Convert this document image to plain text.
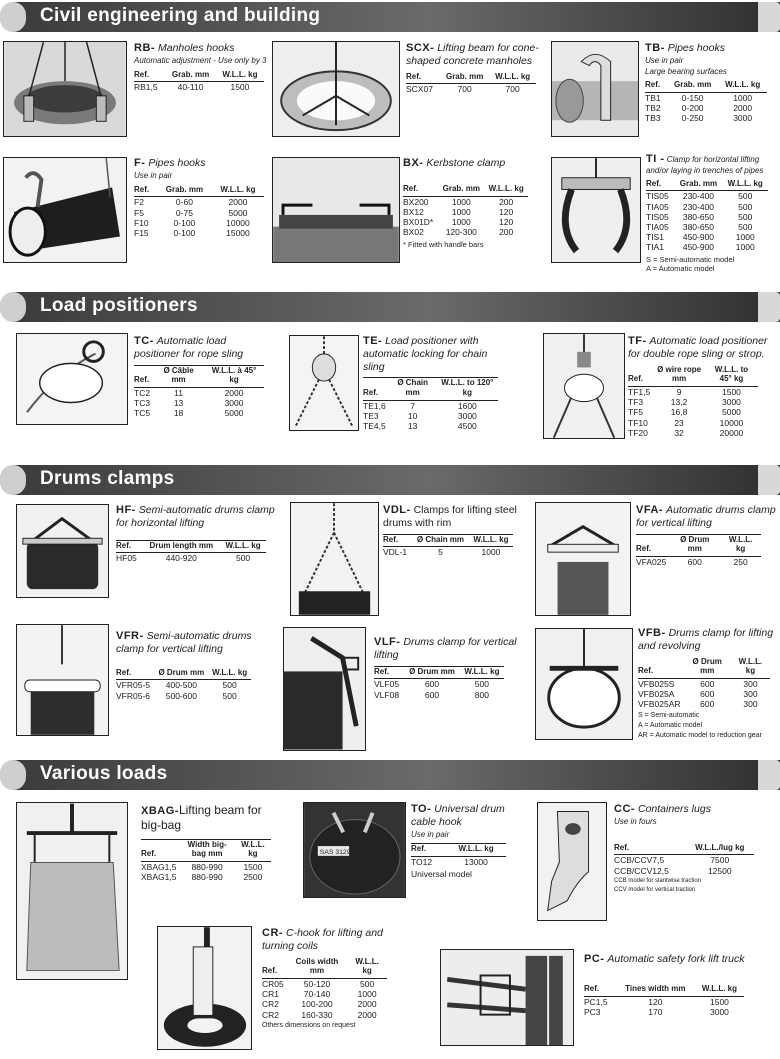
Civil engineering and building
Load positioners
Drums clamps
Various loads
SAS 3129
RB- Manholes hooks
Automatic adjustment - Use only by 3
Ref.	Grab. mm	W.L.L. kg
RB1,5	40-110	1500
SCX- Lifting beam for cone-shaped concrete manholes
Ref.	Grab. mm	W.L.L. kg
SCX07	700	700
TB- Pipes hooks
Use in pair
Large bearing surfaces
Ref.	Grab. mm	W.L.L. kg
TB1	0-150	1000
TB2	0-200	2000
TB3	0-250	3000
F- Pipes hooks
Use in pair
Ref.	Grab. mm	W.L.L. kg
F2	0-60	2000
F5	0-75	5000
F10	0-100	10000
F15	0-100	15000
BX- Kerbstone clamp
Ref.	Grab. mm	W.L.L. kg
BX200	1000	200
BX12	1000	120
BX01D*	1000	120
BX02	120-300	200
* Fitted with handle bars
TI - Clamp for horizontal lifting and/or laying in trenches of pipes
Ref.	Grab. mm	W.L.L. kg
TIS05	230-400	500
TIA05	230-400	500
TIS05	380-650	500
TIA05	380-650	500
TIS1	450-900	1000
TIA1	450-900	1000
S = Semi-automatic model
A = Automatic model
TC- Automatic load positioner for rope sling
Ref.	Ø Câble mm	W.L.L. à 45° kg
TC2	11	2000
TC3	13	3000
TC5	18	5000
TE- Load positioner with automatic locking for chain sling
Ref.	Ø Chain mm	W.L.L. to 120° kg
TE1,6	7	1600
TE3	10	3000
TE4,5	13	4500
TF- Automatic load positioner for double rope sling or strop.
Ref.	Ø wire rope mm	W.L.L. to 45° kg
TF1,5	9	1500
TF3	13,2	3000
TF5	16,8	5000
TF10	23	10000
TF20	32	20000
HF- Semi-automatic drums clamp for horizontal lifting
Ref.	Drum length mm	W.L.L. kg
HF05	440-920	500
VDL- Clamps for lifting steel drums with rim
Ref.	Ø Chain mm	W.L.L. kg
VDL-1	5	1000
VFA- Automatic drums clamp for vertical lifting
Ref.	Ø Drum mm	W.L.L. kg
VFA025	600	250
VFR- Semi-automatic drums clamp for vertical lifting
Ref.	Ø Drum mm	W.L.L. kg
VFR05-5	400-500	500
VFR05-6	500-600	500
VLF- Drums clamp for vertical lifting
Ref.	Ø Drum mm	W.L.L. kg
VLF05	600	500
VLF08	600	800
VFB- Drums clamp for lifting and revolving
Ref.	Ø Drum mm	W.L.L. kg
VFB025S	600	300
VFB025A	600	300
VFB025AR	600	300
S = Semi-automatic
A = Automatic model
AR = Automatic model to reduction gear
XBAG-Lifting beam for big-bag
Ref.	Width big-bag mm	W.L.L. kg
XBAG1,5	880-990	1500
XBAG1,5	880-990	2500
TO- Universal drum cable hook
Use in pair
Ref.	W.L.L. kg
TO12	13000
Universal model
CC- Containers lugs
Use in fours
Ref.	W.L.L./lug kg
CCB/CCV7,5	7500
CCB/CCV12,5	12500
CCB model for slantwise traction
CCV model for vertical traction
CR- C-hook for lifting and turning coils
Ref.	Coils width mm	W.L.L. kg
CR05	50-120	500
CR1	70-140	1000
CR2	100-200	2000
CR2	160-330	2000
Others dimensions on request
PC- Automatic safety fork lift truck
Ref.	Tines width mm	W.L.L. kg
PC1,5	120	1500
PC3	170	3000
